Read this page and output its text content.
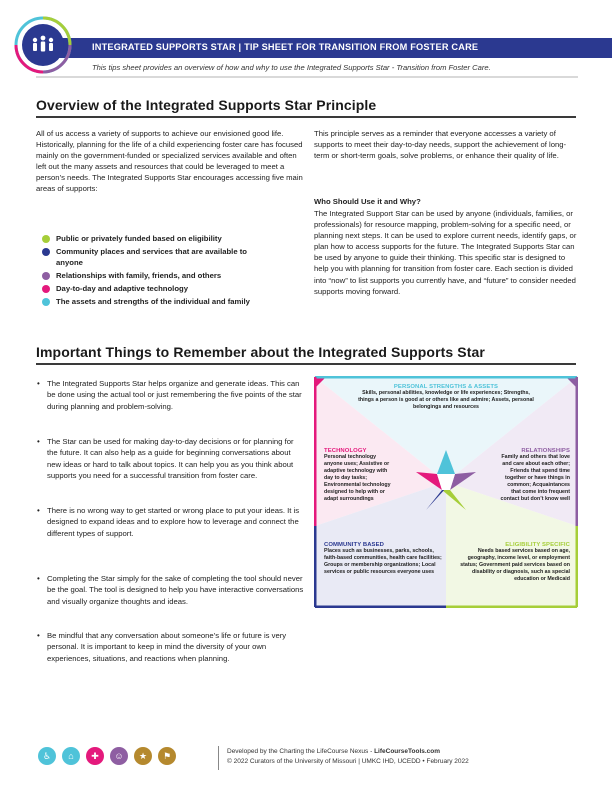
INTEGRATED SUPPORTS STAR | TIP SHEET FOR TRANSITION FROM FOSTER CARE
This tips sheet provides an overview of how and why to use the Integrated Supports Star - Transition from Foster Care.
Overview of the Integrated Supports Star Principle
All of us access a variety of supports to achieve our envisioned good life. Historically, planning for the life of a child experiencing foster care has focused mainly on the government-funded or specialized services available and often left out the many assets and resources that could be leveraged to meet a person’s needs. The Integrated Supports Star encourages accessing five main areas of supports:
Public or privately funded based on eligibility
Community places and services that are available to anyone
Relationships with family, friends, and others
Day-to-day and adaptive technology
The assets and strengths of the individual and family
This principle serves as a reminder that everyone accesses a variety of supports to meet their day-to-day needs, support the achievement of long-term or short-term goals, solve problems, or enhance their quality of life.
Who Should Use it and Why?
The Integrated Support Star can be used by anyone (individuals, families, or professionals) for resource mapping, problem-solving for a specific need, or planning next steps. It can be used to explore current needs, identify gaps, or plan how to access supports for the future. The Integrated Supports Star can be used by anyone to guide their thinking. This specific star is designed to help you with planning for transition from foster care. Each section is divided into “now” to list supports you currently have, and “future” to consider needed supports moving forward.
Important Things to Remember about the Integrated Supports Star
• The Integrated Supports Star helps organize and generate ideas. This can be done using the actual tool or just remembering the five points of the star during planning and problem-solving.
• The Star can be used for making day-to-day decisions or for planning for the future. It can also help as a guide for beginning conversations about new ideas or hard to talk about topics. It can help you as you think about supports you need for a successful transition from foster care.
• There is no wrong way to get started or wrong place to put your ideas. It is designed to expand ideas and to explore how to leverage and connect the different types of support.
• Completing the Star simply for the sake of completing the tool should never be the goal. The tool is designed to help you have interactive conversations and visually organize thoughts and ideas.
• Be mindful that any conversation about someone’s life or future is very personal. It is important to keep in mind the diversity of your own experiences, situations, and reactions when planning.
PERSONAL STRENGTHS & ASSETS
Skills, personal abilities, knowledge or life experiences; Strengths, things a person is good at or others like and admire; Assets, personal belongings and resources
TECHNOLOGY
Personal technology anyone uses; Assistive or adaptive technology with day to day tasks; Environmental technology designed to help with or adapt surroundings
RELATIONSHIPS
Family and others that love and care about each other; Friends that spend time together or have things in common; Acquaintances that come into frequent contact but don’t know well
COMMUNITY BASED
Places such as businesses, parks, schools, faith-based communities, health care facilities; Groups or membership organizations; Local services or public resources everyone uses
ELIGIBILITY SPECIFIC
Needs based services based on age, geography, income level, or employment status; Government paid services based on disability or diagnosis, such as special education or Medicaid
♿	⌂	✚	☺	★	⚑	Developed by the Charting the LifeCourse Nexus - LifeCourseTools.com
© 2022 Curators of the University of Missouri | UMKC IHD, UCEDD • February 2022
